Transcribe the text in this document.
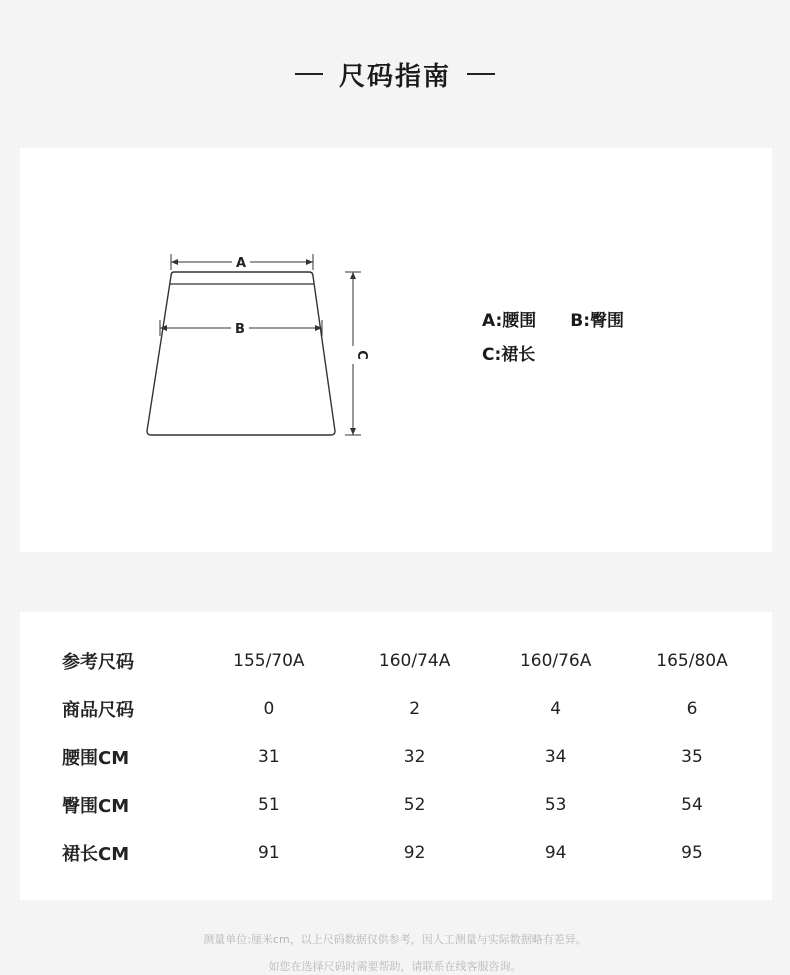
尺码指南
A
B
C
A:腰围 B:臀围
C:裙长
参考尺码	155/70A	160/74A	160/76A	165/80A
商品尺码	0	2	4	6
腰围CM	31	32	34	35
臀围CM	51	52	53	54
裙长CM	91	92	94	95
测量单位:厘米cm，以上尺码数据仅供参考，因人工测量与实际数据略有差异。
如您在选择尺码时需要帮助，请联系在线客服咨询。
